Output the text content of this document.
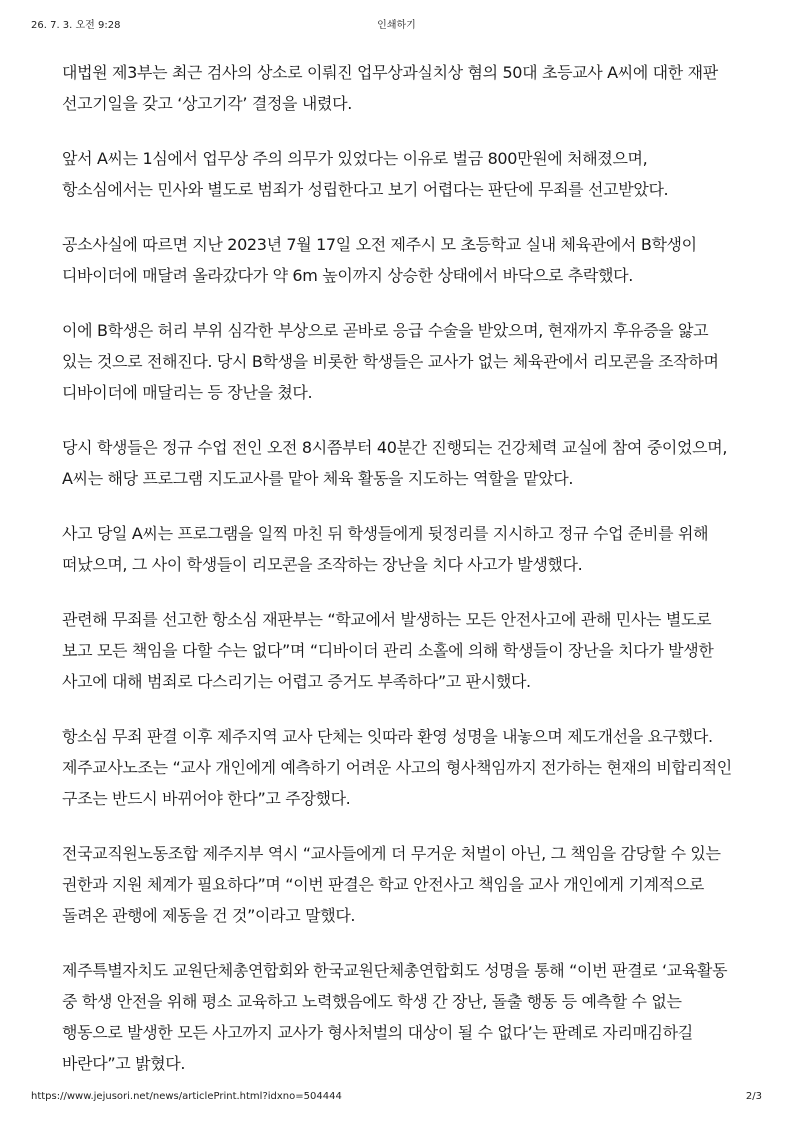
26. 7. 3. 오전 9:28	인쇄하기

대법원 제3부는 최근 검사의 상소로 이뤄진 업무상과실치상 혐의 50대 초등교사 A씨에 대한 재판 선고기일을 갖고 ‘상고기각’ 결정을 내렸다.

앞서 A씨는 1심에서 업무상 주의 의무가 있었다는 이유로 벌금 800만원에 처해졌으며, 항소심에서는 민사와 별도로 범죄가 성립한다고 보기 어렵다는 판단에 무죄를 선고받았다.

공소사실에 따르면 지난 2023년 7월 17일 오전 제주시 모 초등학교 실내 체육관에서 B학생이 디바이더에 매달려 올라갔다가 약 6m 높이까지 상승한 상태에서 바닥으로 추락했다.

이에 B학생은 허리 부위 심각한 부상으로 곧바로 응급 수술을 받았으며, 현재까지 후유증을 앓고 있는 것으로 전해진다. 당시 B학생을 비롯한 학생들은 교사가 없는 체육관에서 리모콘을 조작하며 디바이더에 매달리는 등 장난을 쳤다.

당시 학생들은 정규 수업 전인 오전 8시쯤부터 40분간 진행되는 건강체력 교실에 참여 중이었으며, A씨는 해당 프로그램 지도교사를 맡아 체육 활동을 지도하는 역할을 맡았다.

사고 당일 A씨는 프로그램을 일찍 마친 뒤 학생들에게 뒷정리를 지시하고 정규 수업 준비를 위해 떠났으며, 그 사이 학생들이 리모콘을 조작하는 장난을 치다 사고가 발생했다.

관련해 무죄를 선고한 항소심 재판부는 “학교에서 발생하는 모든 안전사고에 관해 민사는 별도로 보고 모든 책임을 다할 수는 없다”며 “디바이더 관리 소홀에 의해 학생들이 장난을 치다가 발생한 사고에 대해 범죄로 다스리기는 어렵고 증거도 부족하다”고 판시했다.

항소심 무죄 판결 이후 제주지역 교사 단체는 잇따라 환영 성명을 내놓으며 제도개선을 요구했다. 제주교사노조는 “교사 개인에게 예측하기 어려운 사고의 형사책임까지 전가하는 현재의 비합리적인 구조는 반드시 바뀌어야 한다”고 주장했다.

전국교직원노동조합 제주지부 역시 “교사들에게 더 무거운 처벌이 아닌, 그 책임을 감당할 수 있는 권한과 지원 체계가 필요하다”며 “이번 판결은 학교 안전사고 책임을 교사 개인에게 기계적으로 돌려온 관행에 제동을 건 것”이라고 말했다.

제주특별자치도 교원단체총연합회와 한국교원단체총연합회도 성명을 통해 “이번 판결로 ‘교육활동 중 학생 안전을 위해 평소 교육하고 노력했음에도 학생 간 장난, 돌출 행동 등 예측할 수 없는 행동으로 발생한 모든 사고까지 교사가 형사처벌의 대상이 될 수 없다’는 판례로 자리매김하길 바란다”고 밝혔다.

https://www.jejusori.net/news/articlePrint.html?idxno=504444	2/3
